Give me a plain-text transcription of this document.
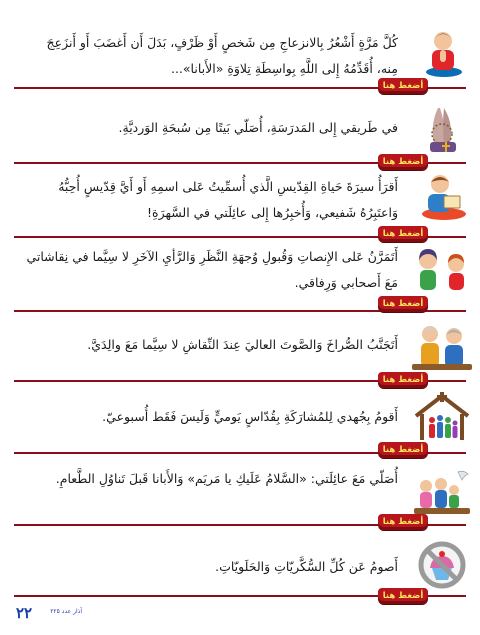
كُلَّ مَرَّةٍ أَشْعُرُ بِالانزعاجِ مِن شَخصٍ أَوْ ظَرْفٍ، بَدَلَ أَن أَغضَبَ أَو أَنزَعِجَ مِنه، أُقَدِّمُهُ إِلى اللَّهِ بِواسِطَةِ تِلاوَةِ «الأَبانا»...
أضغط هنا
في طَريقي إِلى المَدرَسَةِ، أُصَلّي بَيتًا مِن سُبحَةِ الوَرديَّةِ.
أضغط هنا
أَقرَأُ سيرَةَ حَياةِ القِدّيسِ الَّذي أُسمِّيتُ عَلى اسمِهِ أَو أَيَّ قِدّيسٍ أُحِبُّهُ وَاعتَبِرُهُ شَفيعي، وَأُخبِرُها إِلى عائِلَتي في السَّهرَةِ!
أضغط هنا
أَتَمَرَّنُ عَلى الإِنصاتِ وَقُبولِ وُجهَةِ النَّظَرِ وَالرَّأيِ الآخَرِ لا سِيَّما في نِقاشاتي مَعَ أَصحابي وَرِفاقي.
أضغط هنا
أَتَجَنَّبُ الصُّراخَ وَالصَّوتَ العاليَ عِندَ النِّقاشِ لا سِيَّما مَعَ والِدَيَّ.
أضغط هنا
أَقومُ بِجُهدي لِلمُشارَكَةِ بِقُدّاسٍ يَوميٍّ وَلَيسَ فَقَط أُسبوعيّ.
أضغط هنا
أُصَلّي مَعَ عائِلَتي: «السَّلامُ عَلَيكِ يا مَريَم» وَالأَبانا قَبلَ تَناوُلِ الطَّعامِ.
أضغط هنا
أَصومُ عَن كُلِّ السُّكَّريّاتِ وَالحَلَويّاتِ.
أضغط هنا
٢٢	آذار عدد ٢٢٥
